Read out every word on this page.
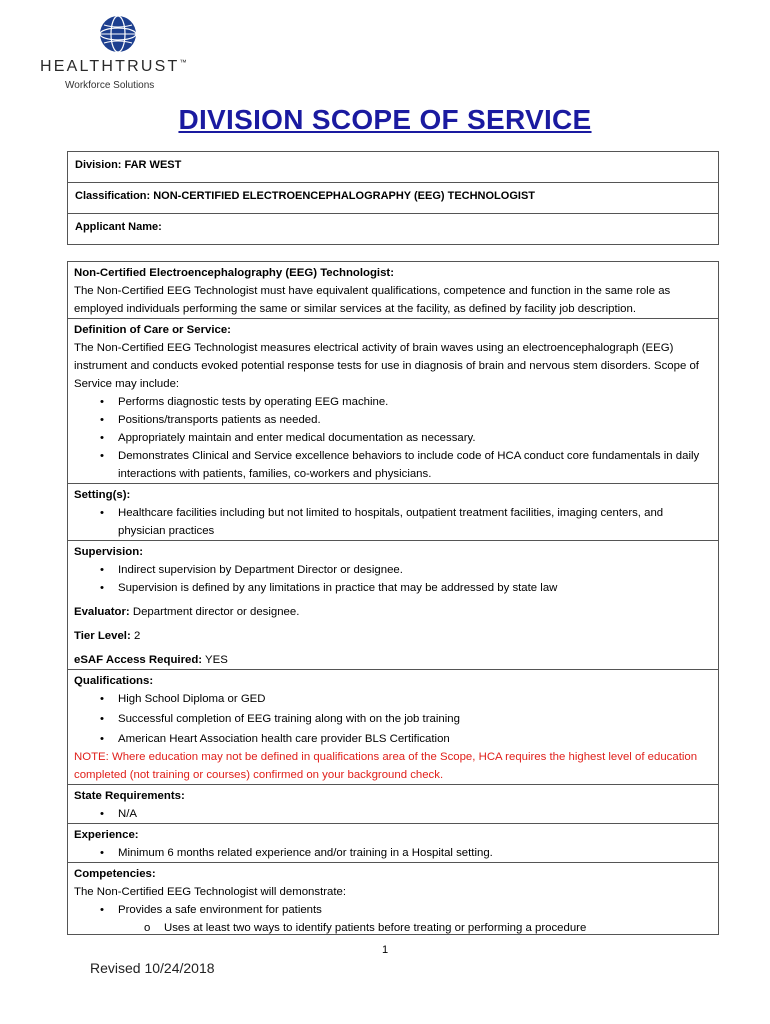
HEALTHTRUST™
Workforce Solutions
DIVISION SCOPE OF SERVICE
Division: FAR WEST
Classification: NON-CERTIFIED ELECTROENCEPHALOGRAPHY (EEG) TECHNOLOGIST
Applicant Name:
Non-Certified Electroencephalography (EEG) Technologist:
The Non-Certified EEG Technologist must have equivalent qualifications, competence and function in the same role as employed individuals performing the same or similar services at the facility, as defined by facility job description.
Definition of Care or Service:
The Non-Certified EEG Technologist measures electrical activity of brain waves using an electroencephalograph (EEG) instrument and conducts evoked potential response tests for use in diagnosis of brain and nervous stem disorders. Scope of Service may include:
• Performs diagnostic tests by operating EEG machine.
• Positions/transports patients as needed.
• Appropriately maintain and enter medical documentation as necessary.
• Demonstrates Clinical and Service excellence behaviors to include code of HCA conduct core fundamentals in daily interactions with patients, families, co-workers and physicians.
Setting(s):
• Healthcare facilities including but not limited to hospitals, outpatient treatment facilities, imaging centers, and physician practices
Supervision:
• Indirect supervision by Department Director or designee.
• Supervision is defined by any limitations in practice that may be addressed by state law
Evaluator: Department director or designee.
Tier Level: 2
eSAF Access Required: YES
Qualifications:
• High School Diploma or GED
• Successful completion of EEG training along with on the job training
• American Heart Association health care provider BLS Certification
NOTE: Where education may not be defined in qualifications area of the Scope, HCA requires the highest level of education completed (not training or courses) confirmed on your background check.
State Requirements:
• N/A
Experience:
• Minimum 6 months related experience and/or training in a Hospital setting.
Competencies:
The Non-Certified EEG Technologist will demonstrate:
• Provides a safe environment for patients
o Uses at least two ways to identify patients before treating or performing a procedure
1
Revised 10/24/2018
